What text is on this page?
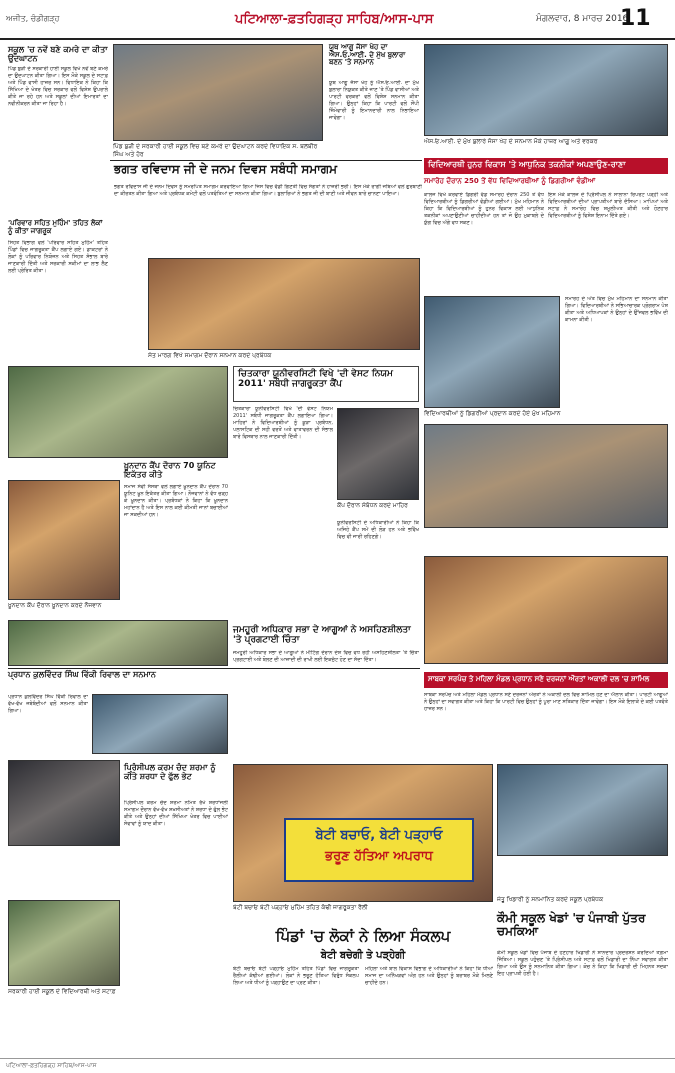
ਅਜੀਤ, ਚੰਡੀਗੜ੍ਹ	ਪਟਿਆਲਾ-ਫ਼ਤਹਿਗੜ੍ਹ ਸਾਹਿਬ/ਆਸ-ਪਾਸ	ਮੰਗਲਵਾਰ, 8 ਮਾਰਚ 2016
11
ਸਕੂਲ 'ਚ ਨਵੇਂ ਬਣੇ ਕਮਰੇ ਦਾ ਕੀਤਾ ਉਦਘਾਟਨ
ਪਿੰਡ ਬੁੜੀ ਦੇ ਸਰਕਾਰੀ ਹਾਈ ਸਕੂਲ ਵਿਖੇ ਨਵੇਂ ਬਣੇ ਕਮਰੇ ਦਾ ਉਦਘਾਟਨ ਕੀਤਾ ਗਿਆ। ਇਸ ਮੌਕੇ ਸਕੂਲ ਦੇ ਸਟਾਫ਼ ਅਤੇ ਪਿੰਡ ਵਾਸੀ ਹਾਜ਼ਰ ਸਨ। ਵਿਧਾਇਕ ਨੇ ਕਿਹਾ ਕਿ ਸਿੱਖਿਆ ਦੇ ਖੇਤਰ ਵਿਚ ਸਰਕਾਰ ਵਲੋਂ ਵਿਸ਼ੇਸ਼ ਉਪਰਾਲੇ ਕੀਤੇ ਜਾ ਰਹੇ ਹਨ ਅਤੇ ਸਕੂਲਾਂ ਦੀਆਂ ਇਮਾਰਤਾਂ ਦਾ ਨਵੀਨੀਕਰਨ ਕੀਤਾ ਜਾ ਰਿਹਾ ਹੈ।
ਪਿੰਡ ਬੁੜੀ ਦੇ ਸਰਕਾਰੀ ਹਾਈ ਸਕੂਲ ਵਿਚ ਬਣੇ ਕਮਰੇ ਦਾ ਉਦਘਾਟਨ ਕਰਦੇ ਵਿਧਾਇਕ ਸ. ਬਲਬੀਰ ਸਿੰਘ ਅਤੇ ਹੋਰ
ਯੂਥ ਆਗੂ ਜੱਸਾ ਖੇਹ ਦਾ ਐਸ.ਓ.ਆਈ. ਦੇ ਮੁੱਖ ਬੁਲਾਰਾ ਬਣਨ 'ਤੇ ਸਨਮਾਨ
ਯੂਥ ਆਗੂ ਜੱਸਾ ਖੇਹ ਨੂੰ ਐਸ.ਓ.ਆਈ. ਦਾ ਮੁੱਖ ਬੁਲਾਰਾ ਨਿਯੁਕਤ ਕੀਤੇ ਜਾਣ 'ਤੇ ਪਿੰਡ ਵਾਸੀਆਂ ਅਤੇ ਪਾਰਟੀ ਵਰਕਰਾਂ ਵਲੋਂ ਵਿਸ਼ੇਸ਼ ਸਨਮਾਨ ਕੀਤਾ ਗਿਆ। ਉਨ੍ਹਾਂ ਕਿਹਾ ਕਿ ਪਾਰਟੀ ਵਲੋਂ ਸੌਂਪੀ ਜ਼ਿੰਮੇਵਾਰੀ ਨੂੰ ਇਮਾਨਦਾਰੀ ਨਾਲ ਨਿਭਾਇਆ ਜਾਵੇਗਾ।
ਐਸ.ਓ.ਆਈ. ਦੇ ਮੁੱਖ ਬੁਲਾਰੇ ਜੱਸਾ ਖੇਹ ਦੇ ਸਨਮਾਨ ਮੌਕੇ ਹਾਜ਼ਰ ਆਗੂ ਅਤੇ ਵਰਕਰ
ਭਗਤ ਰਵਿਦਾਸ ਜੀ ਦੇ ਜਨਮ ਦਿਵਸ ਸਬੰਧੀ ਸਮਾਗਮ
ਭਗਤ ਰਵਿਦਾਸ ਜੀ ਦੇ ਜਨਮ ਦਿਵਸ ਨੂੰ ਸਮਰਪਿਤ ਸਮਾਗਮ ਕਰਵਾਇਆ ਗਿਆ ਜਿਸ ਵਿਚ ਵੱਡੀ ਗਿਣਤੀ ਵਿਚ ਸੰਗਤਾਂ ਨੇ ਹਾਜ਼ਰੀ ਭਰੀ। ਇਸ ਮੌਕੇ ਰਾਗੀ ਜਥਿਆਂ ਵਲੋਂ ਗੁਰਬਾਣੀ ਦਾ ਕੀਰਤਨ ਕੀਤਾ ਗਿਆ ਅਤੇ ਪ੍ਰਬੰਧਕ ਕਮੇਟੀ ਵਲੋਂ ਪਤਵੰਤਿਆਂ ਦਾ ਸਨਮਾਨ ਕੀਤਾ ਗਿਆ। ਬੁਲਾਰਿਆਂ ਨੇ ਭਗਤ ਜੀ ਦੀ ਬਾਣੀ ਅਤੇ ਜੀਵਨ ਬਾਰੇ ਚਾਨਣਾ ਪਾਇਆ।
ਸੰਤ ਮਾਰਗ ਵਿਖੇ ਸਮਾਗਮ ਦੌਰਾਨ ਸਨਮਾਨ ਕਰਦੇ ਪ੍ਰਬੰਧਕ
'ਪਰਿਵਾਰ ਸਹਿਤ ਮੁਹਿੰਮ' ਤਹਿਤ ਲੋਕਾਂ ਨੂੰ ਕੀਤਾ ਜਾਗਰੂਕ
ਸਿਹਤ ਵਿਭਾਗ ਵਲੋਂ 'ਪਰਿਵਾਰ ਸਹਿਤ ਮੁਹਿੰਮ' ਤਹਿਤ ਪਿੰਡਾਂ ਵਿਚ ਜਾਗਰੂਕਤਾ ਕੈਂਪ ਲਗਾਏ ਗਏ। ਡਾਕਟਰਾਂ ਨੇ ਲੋਕਾਂ ਨੂੰ ਪਰਿਵਾਰ ਨਿਯੋਜਨ ਅਤੇ ਸਿਹਤ ਸੰਭਾਲ ਬਾਰੇ ਜਾਣਕਾਰੀ ਦਿੱਤੀ ਅਤੇ ਸਰਕਾਰੀ ਸਕੀਮਾਂ ਦਾ ਲਾਭ ਲੈਣ ਲਈ ਪ੍ਰੇਰਿਤ ਕੀਤਾ।
ਵਿਦਿਆਰਥੀ ਹੁਨਰ ਵਿਕਾਸ 'ਤੇ ਆਧੁਨਿਕ ਤਕਨੀਕਾਂ ਅਪਣਾਉਣ-ਰਾਣਾ
ਸਮਾਰੋਹ ਦੌਰਾਨ 250 ਤੋਂ ਵੱਧ ਵਿਦਿਆਰਥੀਆਂ ਨੂੰ ਡਿਗਰੀਆਂ ਵੰਡੀਆਂ
ਕਾਲਜ ਵਿਖੇ ਕਰਵਾਏ ਡਿਗਰੀ ਵੰਡ ਸਮਾਰੋਹ ਦੌਰਾਨ 250 ਤੋਂ ਵੱਧ ਵਿਦਿਆਰਥੀਆਂ ਨੂੰ ਡਿਗਰੀਆਂ ਵੰਡੀਆਂ ਗਈਆਂ। ਮੁੱਖ ਮਹਿਮਾਨ ਨੇ ਕਿਹਾ ਕਿ ਵਿਦਿਆਰਥੀਆਂ ਨੂੰ ਹੁਨਰ ਵਿਕਾਸ ਲਈ ਆਧੁਨਿਕ ਤਕਨੀਕਾਂ ਅਪਣਾਉਣੀਆਂ ਚਾਹੀਦੀਆਂ ਹਨ ਤਾਂ ਜੋ ਉਹ ਮੁਕਾਬਲੇ ਦੇ ਯੁੱਗ ਵਿਚ ਅੱਗੇ ਵਧ ਸਕਣ।
ਇਸ ਮੌਕੇ ਕਾਲਜ ਦੇ ਪ੍ਰਿੰਸੀਪਲ ਨੇ ਸਾਲਾਨਾ ਰਿਪੋਰਟ ਪੜ੍ਹੀ ਅਤੇ ਵਿਦਿਆਰਥੀਆਂ ਦੀਆਂ ਪ੍ਰਾਪਤੀਆਂ ਬਾਰੇ ਦੱਸਿਆ। ਮਾਪਿਆਂ ਅਤੇ ਸਟਾਫ਼ ਨੇ ਸਮਾਰੋਹ ਵਿਚ ਸ਼ਮੂਲੀਅਤ ਕੀਤੀ ਅਤੇ ਹੋਣਹਾਰ ਵਿਦਿਆਰਥੀਆਂ ਨੂੰ ਵਿਸ਼ੇਸ਼ ਇਨਾਮ ਦਿੱਤੇ ਗਏ।
ਸਮਾਰੋਹ ਦੇ ਅੰਤ ਵਿਚ ਮੁੱਖ ਮਹਿਮਾਨ ਦਾ ਸਨਮਾਨ ਕੀਤਾ ਗਿਆ। ਵਿਦਿਆਰਥੀਆਂ ਨੇ ਸਭਿਆਚਾਰਕ ਪ੍ਰੋਗਰਾਮ ਪੇਸ਼ ਕੀਤਾ ਅਤੇ ਅਧਿਆਪਕਾਂ ਨੇ ਉਨ੍ਹਾਂ ਦੇ ਉੱਜਵਲ ਭਵਿੱਖ ਦੀ ਕਾਮਨਾ ਕੀਤੀ।
ਵਿਦਿਆਰਥੀਆਂ ਨੂੰ ਡਿਗਰੀਆਂ ਪ੍ਰਦਾਨ ਕਰਦੇ ਹੋਏ ਮੁੱਖ ਮਹਿਮਾਨ
ਚਿਤਕਾਰਾ ਯੂਨੀਵਰਸਿਟੀ ਵਿਖੇ 'ਦੀ ਵੇਸਟ ਨਿਯਮ 2011' ਸਬੰਧੀ ਜਾਗਰੂਕਤਾ ਕੈਂਪ
ਚਿਤਕਾਰਾ ਯੂਨੀਵਰਸਿਟੀ ਵਿਖੇ 'ਦੀ ਵੇਸਟ ਨਿਯਮ 2011' ਸਬੰਧੀ ਜਾਗਰੂਕਤਾ ਕੈਂਪ ਲਗਾਇਆ ਗਿਆ। ਮਾਹਿਰਾਂ ਨੇ ਵਿਦਿਆਰਥੀਆਂ ਨੂੰ ਕੂੜਾ ਪ੍ਰਬੰਧਨ, ਪਲਾਸਟਿਕ ਦੀ ਸਹੀ ਵਰਤੋਂ ਅਤੇ ਵਾਤਾਵਰਨ ਦੀ ਸੰਭਾਲ ਬਾਰੇ ਵਿਸਥਾਰ ਨਾਲ ਜਾਣਕਾਰੀ ਦਿੱਤੀ।
ਕੈਂਪ ਦੌਰਾਨ ਸੰਬੋਧਨ ਕਰਦੇ ਮਾਹਿਰ
ਯੂਨੀਵਰਸਿਟੀ ਦੇ ਅਧਿਕਾਰੀਆਂ ਨੇ ਕਿਹਾ ਕਿ ਅਜਿਹੇ ਕੈਂਪ ਸਮੇਂ ਦੀ ਲੋੜ ਹਨ ਅਤੇ ਭਵਿੱਖ ਵਿਚ ਵੀ ਜਾਰੀ ਰਹਿਣਗੇ।
ਖ਼ੂਨਦਾਨ ਕੈਂਪ ਦੌਰਾਨ 70 ਯੂਨਿਟ ਇਕੱਤਰ ਕੀਤੇ
ਸਮਾਜ ਸੇਵੀ ਸੰਸਥਾ ਵਲੋਂ ਲਗਾਏ ਖ਼ੂਨਦਾਨ ਕੈਂਪ ਦੌਰਾਨ 70 ਯੂਨਿਟ ਖ਼ੂਨ ਇਕੱਤਰ ਕੀਤਾ ਗਿਆ। ਨੌਜਵਾਨਾਂ ਨੇ ਵੱਧ ਚੜ੍ਹ ਕੇ ਖ਼ੂਨਦਾਨ ਕੀਤਾ। ਪ੍ਰਬੰਧਕਾਂ ਨੇ ਕਿਹਾ ਕਿ ਖ਼ੂਨਦਾਨ ਮਹਾਂਦਾਨ ਹੈ ਅਤੇ ਇਸ ਨਾਲ ਕਈ ਕੀਮਤੀ ਜਾਨਾਂ ਬਚਾਈਆਂ ਜਾ ਸਕਦੀਆਂ ਹਨ।
ਖ਼ੂਨਦਾਨ ਕੈਂਪ ਦੌਰਾਨ ਖ਼ੂਨਦਾਨ ਕਰਦੇ ਨੌਜਵਾਨ
ਪ੍ਰਧਾਨ ਕੁਲਵਿੰਦਰ ਸਿੰਘ ਵਿੱਕੀ ਰਿਵਾਲ ਦਾ ਸਨਮਾਨ
ਜਮਹੂਰੀ ਅਧਿਕਾਰ ਸਭਾ ਦੇ ਆਗੂਆਂ ਨੇ ਅਸਹਿਣਸ਼ੀਲਤਾ 'ਤੇ ਪ੍ਰਗਟਾਈ ਚਿੰਤਾ
ਜਮਹੂਰੀ ਅਧਿਕਾਰ ਸਭਾ ਦੇ ਆਗੂਆਂ ਨੇ ਮੀਟਿੰਗ ਦੌਰਾਨ ਦੇਸ਼ ਵਿਚ ਵਧ ਰਹੀ ਅਸਹਿਣਸ਼ੀਲਤਾ 'ਤੇ ਚਿੰਤਾ ਪ੍ਰਗਟਾਈ ਅਤੇ ਬੋਲਣ ਦੀ ਆਜ਼ਾਦੀ ਦੀ ਰਾਖੀ ਲਈ ਇਕਜੁੱਟ ਹੋਣ ਦਾ ਸੱਦਾ ਦਿੱਤਾ।
ਪ੍ਰਧਾਨ ਕੁਲਵਿੰਦਰ ਸਿੰਘ ਵਿੱਕੀ ਰਿਵਾਲ ਦਾ ਵੱਖ-ਵੱਖ ਜਥੇਬੰਦੀਆਂ ਵਲੋਂ ਸਨਮਾਨ ਕੀਤਾ ਗਿਆ।
ਸਾਬਕਾ ਸਰਪੰਚ ਤੇ ਮਹਿਲਾ ਮੰਡਲ ਪ੍ਰਧਾਨ ਸਣੇ ਦਰਜਨਾਂ ਔਰਤਾਂ ਅਕਾਲੀ ਦਲ 'ਚ ਸ਼ਾਮਿਲ
ਸਾਬਕਾ ਸਰਪੰਚ ਅਤੇ ਮਹਿਲਾ ਮੰਡਲ ਪ੍ਰਧਾਨ ਸਣੇ ਦਰਜਨਾਂ ਔਰਤਾਂ ਨੇ ਅਕਾਲੀ ਦਲ ਵਿਚ ਸ਼ਾਮਿਲ ਹੋਣ ਦਾ ਐਲਾਨ ਕੀਤਾ। ਪਾਰਟੀ ਆਗੂਆਂ ਨੇ ਉਨ੍ਹਾਂ ਦਾ ਸਵਾਗਤ ਕੀਤਾ ਅਤੇ ਕਿਹਾ ਕਿ ਪਾਰਟੀ ਵਿਚ ਉਨ੍ਹਾਂ ਨੂੰ ਪੂਰਾ ਮਾਣ ਸਤਿਕਾਰ ਦਿੱਤਾ ਜਾਵੇਗਾ। ਇਸ ਮੌਕੇ ਇਲਾਕੇ ਦੇ ਕਈ ਪਤਵੰਤੇ ਹਾਜ਼ਰ ਸਨ।
ਪ੍ਰਿੰਸੀਪਲ ਕਰਮ ਚੰਦ ਸ਼ਰਮਾ ਨੂੰ ਕੀਤੇ ਸ਼ਰਧਾ ਦੇ ਫੁੱਲ ਭੇਟ
ਪ੍ਰਿੰਸੀਪਲ ਕਰਮ ਚੰਦ ਸ਼ਰਮਾ ਨਮਿਤ ਰੱਖੇ ਸ਼ਰਧਾਂਜਲੀ ਸਮਾਗਮ ਦੌਰਾਨ ਵੱਖ-ਵੱਖ ਸ਼ਖ਼ਸੀਅਤਾਂ ਨੇ ਸ਼ਰਧਾ ਦੇ ਫੁੱਲ ਭੇਟ ਕੀਤੇ ਅਤੇ ਉਨ੍ਹਾਂ ਦੀਆਂ ਸਿੱਖਿਆ ਖੇਤਰ ਵਿਚ ਪਾਈਆਂ ਸੇਵਾਵਾਂ ਨੂੰ ਯਾਦ ਕੀਤਾ।
ਸਰਕਾਰੀ ਹਾਈ ਸਕੂਲ ਦੇ ਵਿਦਿਆਰਥੀ ਅਤੇ ਸਟਾਫ਼
ਬੇਟੀ ਬਚਾਓ, ਬੇਟੀ ਪੜ੍ਹਾਓ
ਭਰੂਣ ਹੱਤਿਆ ਅਪਰਾਧ
ਬੇਟੀ ਬਚਾਓ ਬੇਟੀ ਪੜ੍ਹਾਓ ਮੁਹਿੰਮ ਤਹਿਤ ਕੱਢੀ ਜਾਗਰੂਕਤਾ ਰੈਲੀ
ਜੇਤੂ ਖਿਡਾਰੀ ਨੂੰ ਸਨਮਾਨਿਤ ਕਰਦੇ ਸਕੂਲ ਪ੍ਰਬੰਧਕ
ਪਿੰਡਾਂ 'ਚ ਲੋਕਾਂ ਨੇ ਲਿਆ ਸੰਕਲਪ
ਬੇਟੀ ਬਚੇਗੀ ਤੇ ਪੜ੍ਹੇਗੀ
ਬੇਟੀ ਬਚਾਓ ਬੇਟੀ ਪੜ੍ਹਾਓ ਮੁਹਿੰਮ ਤਹਿਤ ਪਿੰਡਾਂ ਵਿਚ ਜਾਗਰੂਕਤਾ ਰੈਲੀਆਂ ਕੱਢੀਆਂ ਗਈਆਂ। ਲੋਕਾਂ ਨੇ ਭਰੂਣ ਹੱਤਿਆ ਵਿਰੁੱਧ ਸੰਕਲਪ ਲਿਆ ਅਤੇ ਧੀਆਂ ਨੂੰ ਪੜ੍ਹਾਉਣ ਦਾ ਪ੍ਰਣ ਕੀਤਾ।
ਮਹਿਲਾ ਅਤੇ ਬਾਲ ਵਿਕਾਸ ਵਿਭਾਗ ਦੇ ਅਧਿਕਾਰੀਆਂ ਨੇ ਕਿਹਾ ਕਿ ਧੀਆਂ ਸਮਾਜ ਦਾ ਅਨਿੱਖੜਵਾਂ ਅੰਗ ਹਨ ਅਤੇ ਉਨ੍ਹਾਂ ਨੂੰ ਬਰਾਬਰ ਮੌਕੇ ਮਿਲਣੇ ਚਾਹੀਦੇ ਹਨ।
ਕੌਮੀ ਸਕੂਲ ਖੇਡਾਂ 'ਚ ਪੰਜਾਬੀ ਪੁੱਤਰ ਚਮਕਿਆ
ਕੌਮੀ ਸਕੂਲ ਖੇਡਾਂ ਵਿਚ ਪੰਜਾਬ ਦੇ ਹੋਣਹਾਰ ਖਿਡਾਰੀ ਨੇ ਸ਼ਾਨਦਾਰ ਪ੍ਰਦਰਸ਼ਨ ਕਰਦਿਆਂ ਤਗ਼ਮਾ ਜਿੱਤਿਆ। ਸਕੂਲ ਪਹੁੰਚਣ 'ਤੇ ਪ੍ਰਿੰਸੀਪਲ ਅਤੇ ਸਟਾਫ਼ ਵਲੋਂ ਖਿਡਾਰੀ ਦਾ ਨਿੱਘਾ ਸਵਾਗਤ ਕੀਤਾ ਗਿਆ ਅਤੇ ਉਸ ਨੂੰ ਸਨਮਾਨਿਤ ਕੀਤਾ ਗਿਆ। ਕੋਚ ਨੇ ਕਿਹਾ ਕਿ ਖਿਡਾਰੀ ਦੀ ਮਿਹਨਤ ਸਦਕਾ ਇਹ ਪ੍ਰਾਪਤੀ ਹੋਈ ਹੈ।
ਪਟਿਆਲਾ-ਫ਼ਤਹਿਗੜ੍ਹ ਸਾਹਿਬ/ਆਸ-ਪਾਸ
